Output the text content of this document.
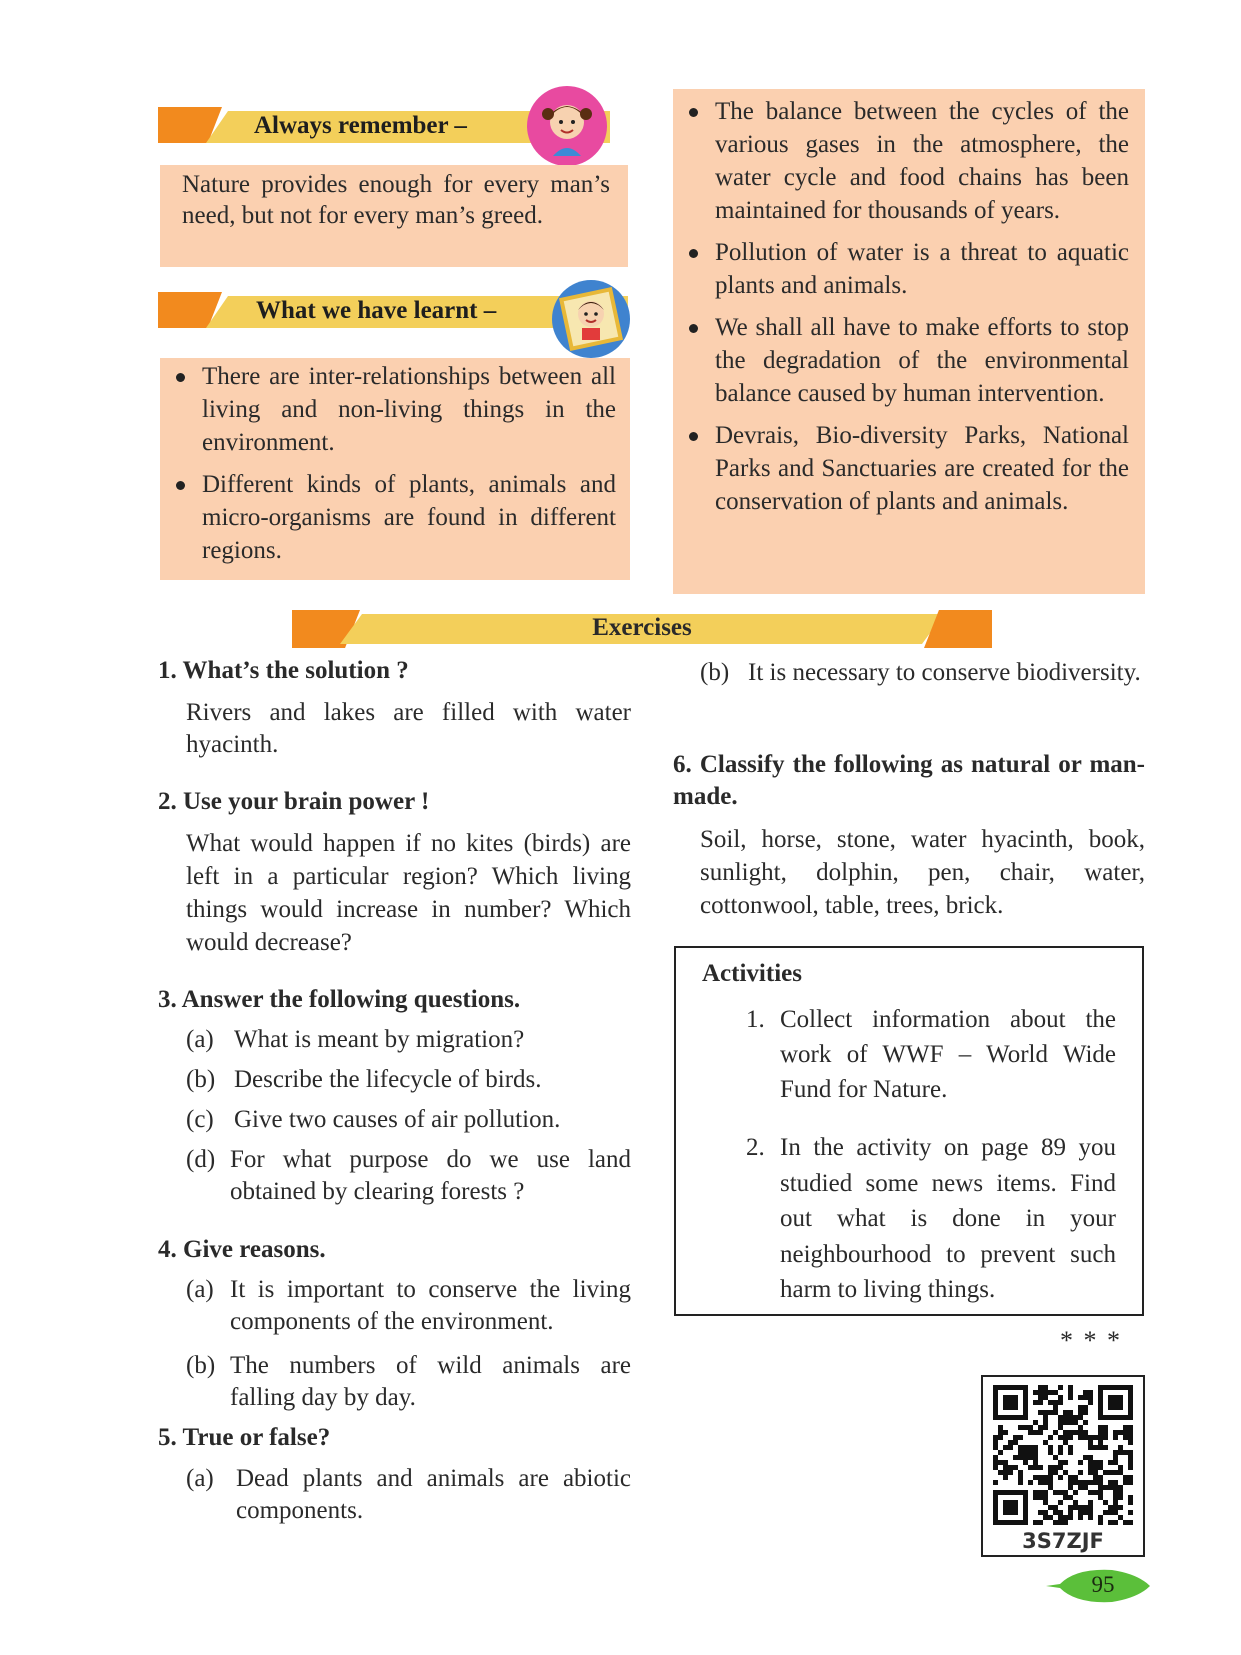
Always remember –
Nature provides enough for every man’s need, but not for every man’s greed.
What we have learnt –
There are inter-relationships between all living and non-living things in the environment.
Different kinds of plants, animals and micro-organisms are found in different regions.
The balance between the cycles of the various gases in the atmosphere, the water cycle and food chains has been maintained for thousands of years.
Pollution of water is a threat to aquatic plants and animals.
We shall all have to make efforts to stop the degradation of the environmental balance caused by human intervention.
Devrais, Bio-diversity Parks, National Parks and Sanctuaries are created for the conservation of plants and animals.
Exercises
1. What’s the solution ?
Rivers and lakes are filled with water hyacinth.
2. Use your brain power !
What would happen if no kites (birds) are left in a particular region? Which living things would increase in number? Which would decrease?
3. Answer the following questions.
(a) What is meant by migration?
(b) Describe the lifecycle of birds.
(c) Give two causes of air pollution.
(d) For what purpose do we use land obtained by clearing forests ?
4. Give reasons.
(a) It is important to conserve the living components of the environment.
(b) The numbers of wild animals are falling day by day.
5. True or false?
(a) Dead plants and animals are abiotic components.
(b) It is necessary to conserve biodiversity.
6. Classify the following as natural or man-made.
Soil, horse, stone, water hyacinth, book, sunlight, dolphin, pen, chair, water, cottonwool, table, trees, brick.
Activities
1. Collect information about the work of WWF – World Wide Fund for Nature.
2. In the activity on page 89 you studied some news items. Find out what is done in your neighbourhood to prevent such harm to living things.
* * *
3S7ZJF
95
